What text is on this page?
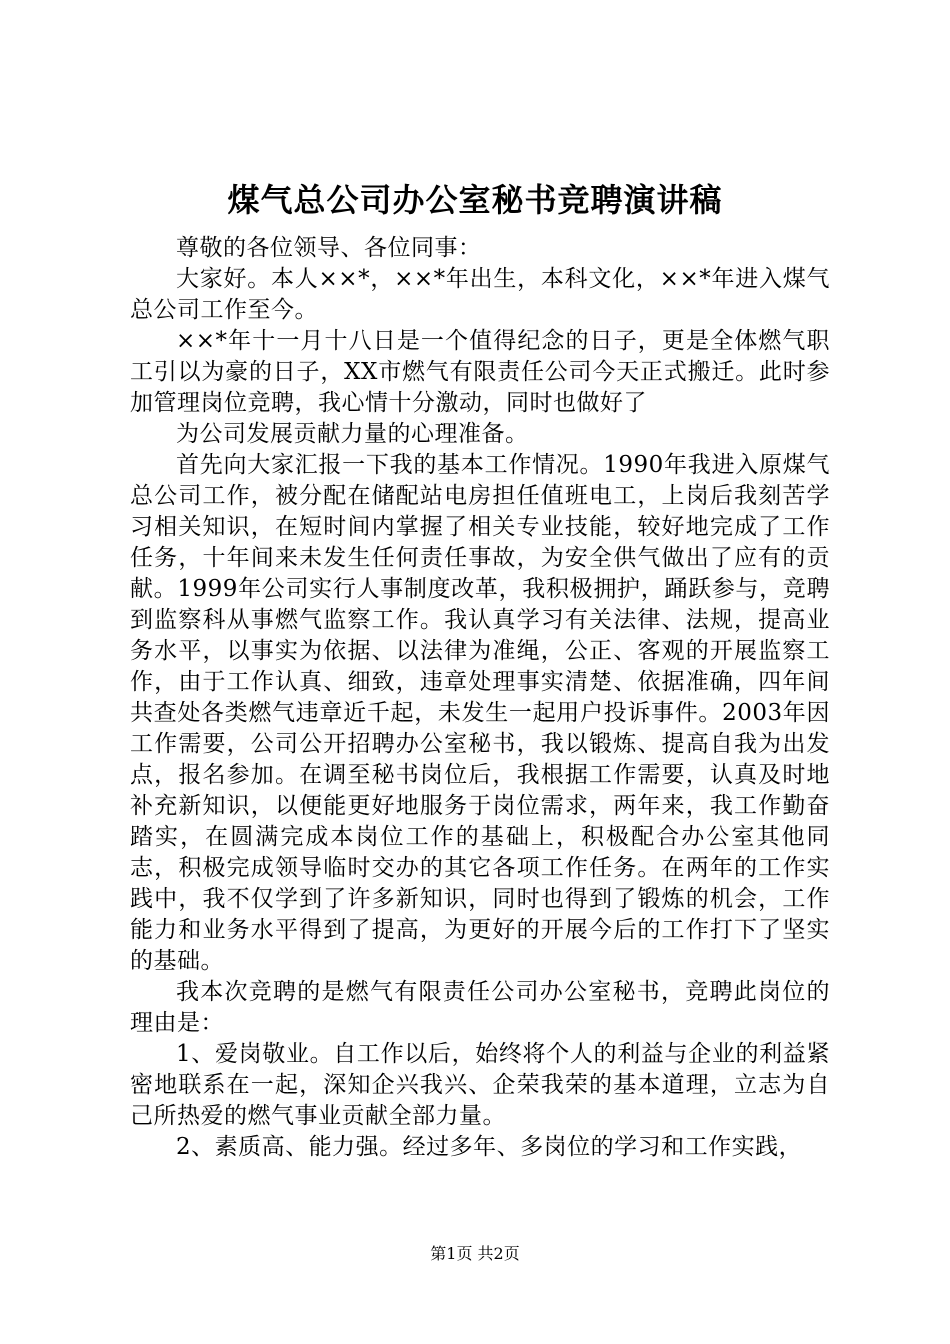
煤气总公司办公室秘书竞聘演讲稿

尊敬的各位领导、各位同事：

大家好。本人××*，××*年出生，本科文化，××*年进入煤气总公司工作至今。

××*年十一月十八日是一个值得纪念的日子，更是全体燃气职工引以为豪的日子，XX市燃气有限责任公司今天正式搬迁。此时参加管理岗位竞聘，我心情十分激动，同时也做好了

为公司发展贡献力量的心理准备。

首先向大家汇报一下我的基本工作情况。1990年我进入原煤气总公司工作，被分配在储配站电房担任值班电工，上岗后我刻苦学习相关知识，在短时间内掌握了相关专业技能，较好地完成了工作任务，十年间来未发生任何责任事故，为安全供气做出了应有的贡献。1999年公司实行人事制度改革，我积极拥护，踊跃参与，竞聘到监察科从事燃气监察工作。我认真学习有关法律、法规，提高业务水平，以事实为依据、以法律为准绳，公正、客观的开展监察工作，由于工作认真、细致，违章处理事实清楚、依据准确，四年间共查处各类燃气违章近千起，未发生一起用户投诉事件。2003年因工作需要，公司公开招聘办公室秘书，我以锻炼、提高自我为出发点，报名参加。在调至秘书岗位后，我根据工作需要，认真及时地补充新知识，以便能更好地服务于岗位需求，两年来，我工作勤奋踏实，在圆满完成本岗位工作的基础上，积极配合办公室其他同志，积极完成领导临时交办的其它各项工作任务。在两年的工作实践中，我不仅学到了许多新知识，同时也得到了锻炼的机会，工作能力和业务水平得到了提高，为更好的开展今后的工作打下了坚实的基础。

我本次竞聘的是燃气有限责任公司办公室秘书，竞聘此岗位的理由是：

1、爱岗敬业。自工作以后，始终将个人的利益与企业的利益紧密地联系在一起，深知企兴我兴、企荣我荣的基本道理，立志为自己所热爱的燃气事业贡献全部力量。

2、素质高、能力强。经过多年、多岗位的学习和工作实践，

第1页 共2页
